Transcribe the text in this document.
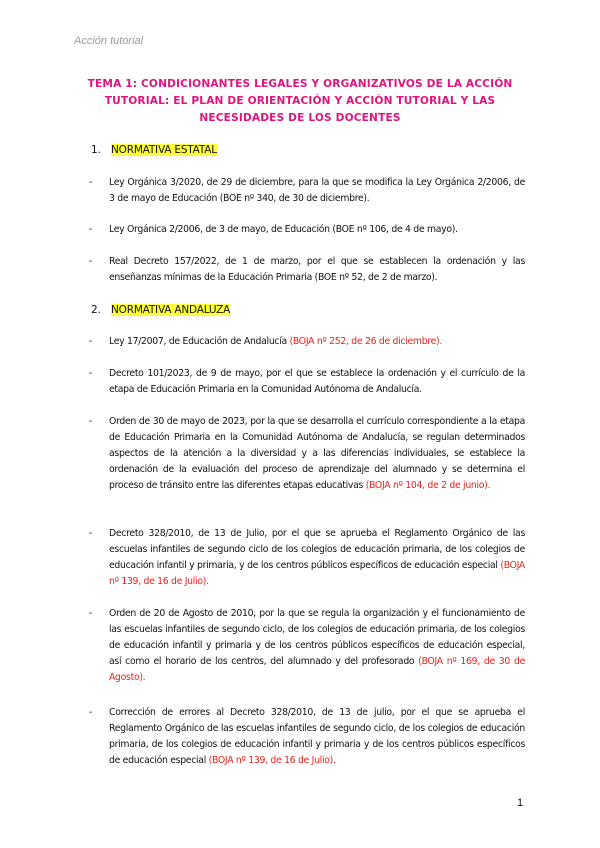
Acción tutorial
TEMA 1: CONDICIONANTES LEGALES Y ORGANIZATIVOS DE LA ACCIÓN TUTORIAL: EL PLAN DE ORIENTACIÓN Y ACCIÓN TUTORIAL Y LAS NECESIDADES DE LOS DOCENTES
1. NORMATIVA ESTATAL
- Ley Orgánica 3/2020, de 29 de diciembre, para la que se modifica la Ley Orgánica 2/2006, de 3 de mayo de Educación (BOE nº 340, de 30 de diciembre).
- Ley Orgánica 2/2006, de 3 de mayo, de Educación (BOE nº 106, de 4 de mayo).
- Real Decreto 157/2022, de 1 de marzo, por el que se establecen la ordenación y las enseñanzas mínimas de la Educación Primaria (BOE nº 52, de 2 de marzo).
2. NORMATIVA ANDALUZA
- Ley 17/2007, de Educación de Andalucía (BOJA nº 252, de 26 de diciembre).
- Decreto 101/2023, de 9 de mayo, por el que se establece la ordenación y el currículo de la etapa de Educación Primaria en la Comunidad Autónoma de Andalucía.
- Orden de 30 de mayo de 2023, por la que se desarrolla el currículo correspondiente a la etapa de Educación Primaria en la Comunidad Autónoma de Andalucía, se regulan determinados aspectos de la atención a la diversidad y a las diferencias individuales, se establece la ordenación de la evaluación del proceso de aprendizaje del alumnado y se determina el proceso de tránsito entre las diferentes etapas educativas (BOJA nº 104, de 2 de junio).
- Decreto 328/2010, de 13 de Julio, por el que se aprueba el Reglamento Orgánico de las escuelas infantiles de segundo ciclo de los colegios de educación primaria, de los colegios de educación infantil y primaria, y de los centros públicos específicos de educación especial (BOJA nº 139, de 16 de Julio).
- Orden de 20 de Agosto de 2010, por la que se regula la organización y el funcionamiento de las escuelas infantiles de segundo ciclo, de los colegios de educación primaria, de los colegios de educación infantil y primaria y de los centros públicos específicos de educación especial, así como el horario de los centros, del alumnado y del profesorado (BOJA nº 169, de 30 de Agosto).
- Corrección de errores al Decreto 328/2010, de 13 de julio, por el que se aprueba el Reglamento Orgánico de las escuelas infantiles de segundo ciclo, de los colegios de educación primaria, de los colegios de educación infantil y primaria y de los centros públicos específicos de educación especial (BOJA nº 139, de 16 de Julio).
1
